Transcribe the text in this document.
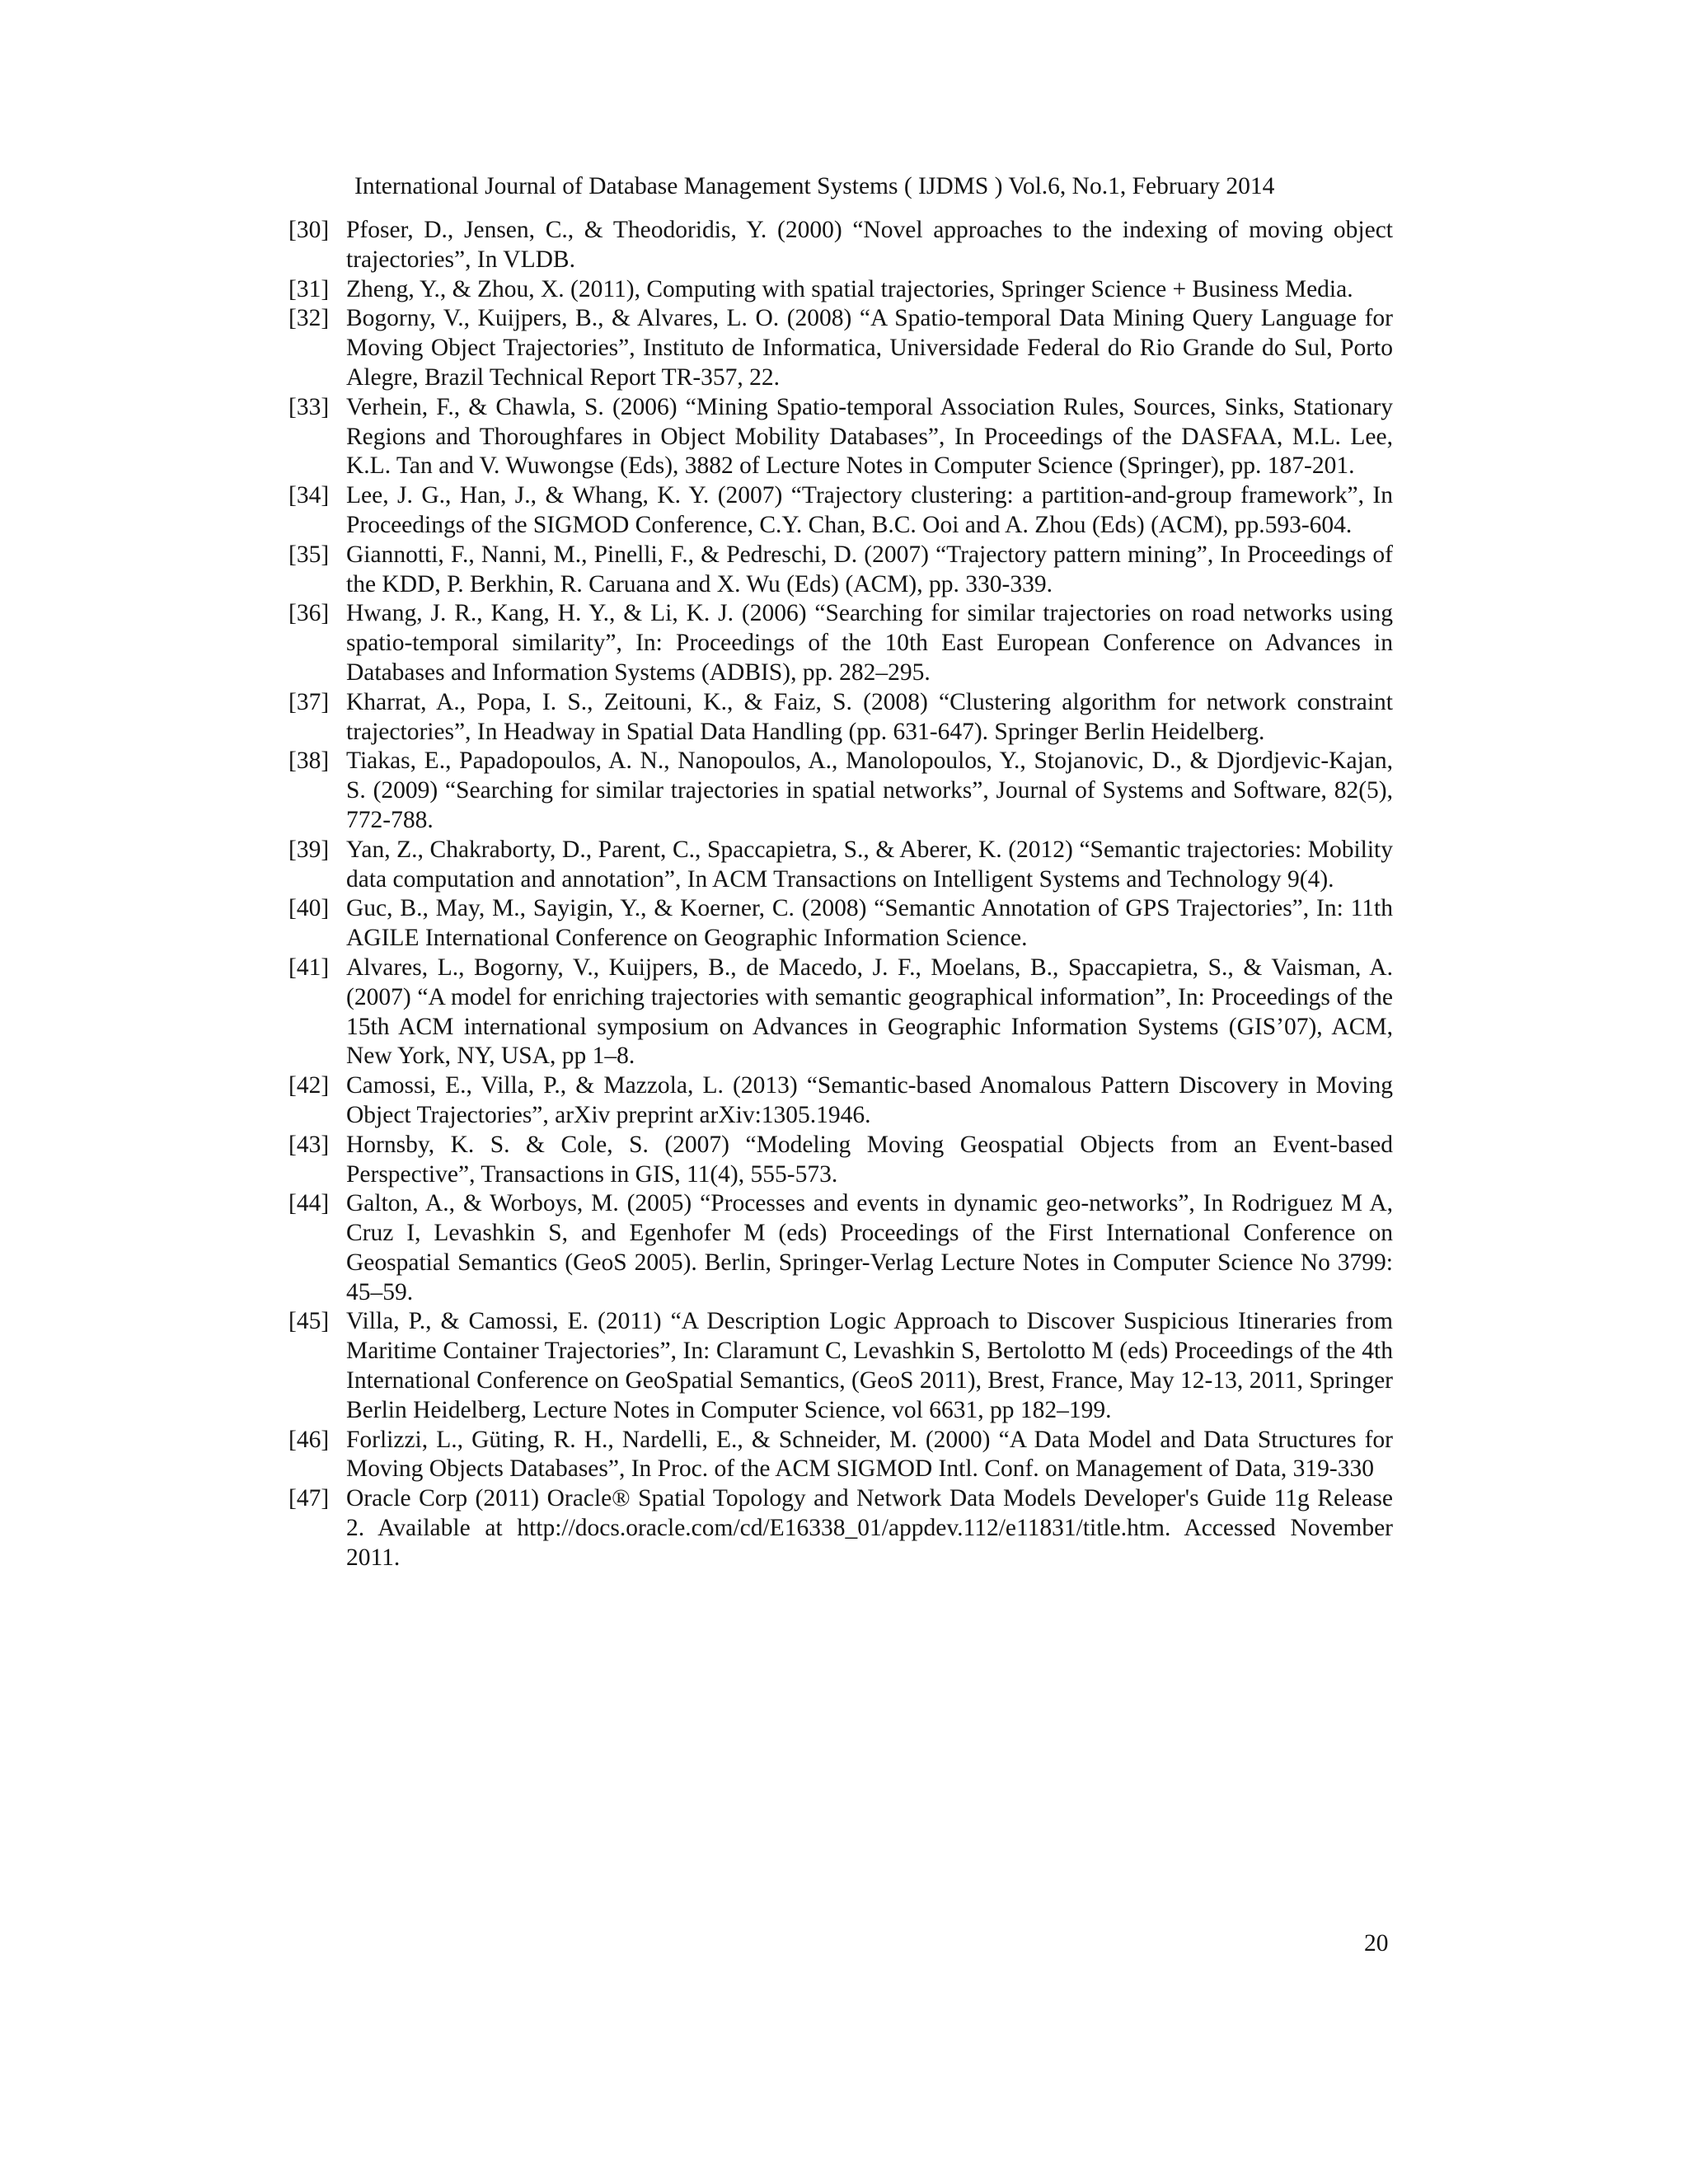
International Journal of Database Management Systems ( IJDMS ) Vol.6, No.1, February 2014
[30] Pfoser, D., Jensen, C., & Theodoridis, Y. (2000) “Novel approaches to the indexing of moving object trajectories”, In VLDB.
[31] Zheng, Y., & Zhou, X. (2011), Computing with spatial trajectories, Springer Science + Business Media.
[32] Bogorny, V., Kuijpers, B., & Alvares, L. O. (2008) “A Spatio-temporal Data Mining Query Language for Moving Object Trajectories”, Instituto de Informatica, Universidade Federal do Rio Grande do Sul, Porto Alegre, Brazil Technical Report TR-357, 22.
[33] Verhein, F., & Chawla, S. (2006) “Mining Spatio-temporal Association Rules, Sources, Sinks, Stationary Regions and Thoroughfares in Object Mobility Databases”, In Proceedings of the DASFAA, M.L. Lee, K.L. Tan and V. Wuwongse (Eds), 3882 of Lecture Notes in Computer Science (Springer), pp. 187-201.
[34] Lee, J. G., Han, J., & Whang, K. Y. (2007) “Trajectory clustering: a partition-and-group framework”, In Proceedings of the SIGMOD Conference, C.Y. Chan, B.C. Ooi and A. Zhou (Eds) (ACM), pp.593-604.
[35] Giannotti, F., Nanni, M., Pinelli, F., & Pedreschi, D. (2007) “Trajectory pattern mining”, In Proceedings of the KDD, P. Berkhin, R. Caruana and X. Wu (Eds) (ACM), pp. 330-339.
[36] Hwang, J. R., Kang, H. Y., & Li, K. J. (2006) “Searching for similar trajectories on road networks using spatio-temporal similarity”, In: Proceedings of the 10th East European Conference on Advances in Databases and Information Systems (ADBIS), pp. 282–295.
[37] Kharrat, A., Popa, I. S., Zeitouni, K., & Faiz, S. (2008) “Clustering algorithm for network constraint trajectories”, In Headway in Spatial Data Handling (pp. 631-647). Springer Berlin Heidelberg.
[38] Tiakas, E., Papadopoulos, A. N., Nanopoulos, A., Manolopoulos, Y., Stojanovic, D., & Djordjevic-Kajan, S. (2009) “Searching for similar trajectories in spatial networks”, Journal of Systems and Software, 82(5), 772-788.
[39] Yan, Z., Chakraborty, D., Parent, C., Spaccapietra, S., & Aberer, K. (2012) “Semantic trajectories: Mobility data computation and annotation”, In ACM Transactions on Intelligent Systems and Technology 9(4).
[40] Guc, B., May, M., Sayigin, Y., & Koerner, C. (2008) “Semantic Annotation of GPS Trajectories”, In: 11th AGILE International Conference on Geographic Information Science.
[41] Alvares, L., Bogorny, V., Kuijpers, B., de Macedo, J. F., Moelans, B., Spaccapietra, S., & Vaisman, A. (2007) “A model for enriching trajectories with semantic geographical information”, In: Proceedings of the 15th ACM international symposium on Advances in Geographic Information Systems (GIS’07), ACM, New York, NY, USA, pp 1–8.
[42] Camossi, E., Villa, P., & Mazzola, L. (2013) “Semantic-based Anomalous Pattern Discovery in Moving Object Trajectories”, arXiv preprint arXiv:1305.1946.
[43] Hornsby, K. S. & Cole, S. (2007) “Modeling Moving Geospatial Objects from an Event-based Perspective”, Transactions in GIS, 11(4), 555-573.
[44] Galton, A., & Worboys, M. (2005) “Processes and events in dynamic geo-networks”, In Rodriguez M A, Cruz I, Levashkin S, and Egenhofer M (eds) Proceedings of the First International Conference on Geospatial Semantics (GeoS 2005). Berlin, Springer-Verlag Lecture Notes in Computer Science No 3799: 45–59.
[45] Villa, P., & Camossi, E. (2011) “A Description Logic Approach to Discover Suspicious Itineraries from Maritime Container Trajectories”, In: Claramunt C, Levashkin S, Bertolotto M (eds) Proceedings of the 4th International Conference on GeoSpatial Semantics, (GeoS 2011), Brest, France, May 12-13, 2011, Springer Berlin Heidelberg, Lecture Notes in Computer Science, vol 6631, pp 182–199.
[46] Forlizzi, L., Güting, R. H., Nardelli, E., & Schneider, M. (2000) “A Data Model and Data Structures for Moving Objects Databases”, In Proc. of the ACM SIGMOD Intl. Conf. on Management of Data, 319-330
[47] Oracle Corp (2011) Oracle® Spatial Topology and Network Data Models Developer's Guide 11g Release 2. Available at http://docs.oracle.com/cd/E16338_01/appdev.112/e11831/title.htm. Accessed November 2011.
20
